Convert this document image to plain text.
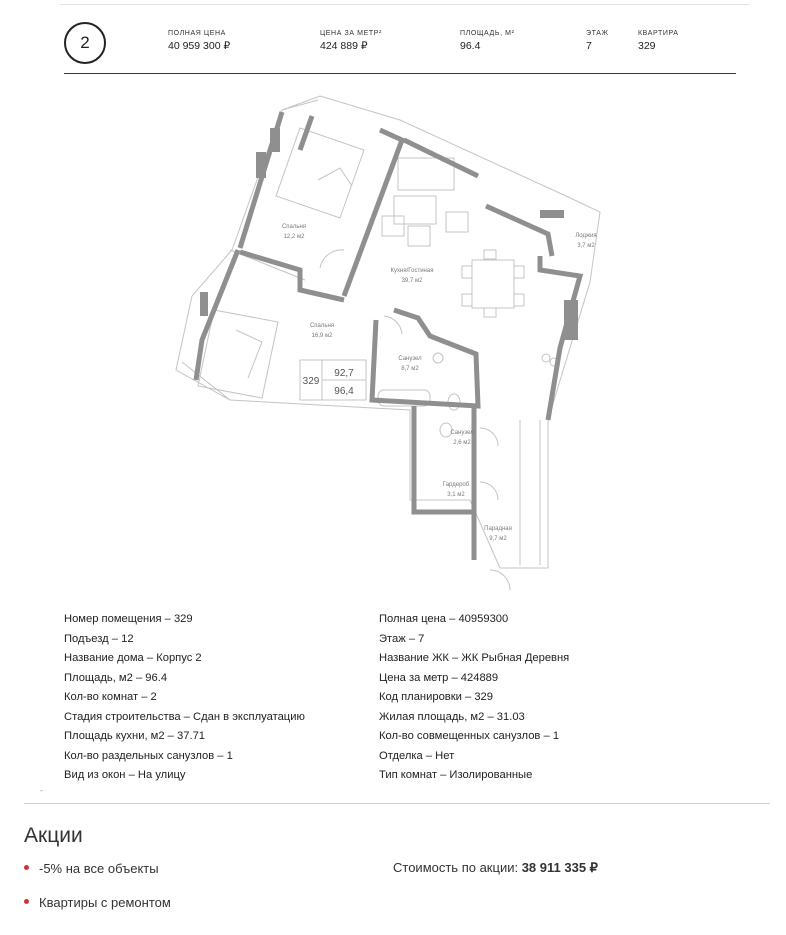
2	ПОЛНАЯ ЦЕНА
40 959 300 ₽
ЦЕНА ЗА МЕТР²
424 889 ₽
ПЛОЩАДЬ, М²
96.4
ЭТАЖ
7
КВАРТИРА
329
Спальня
12,2 м2
Кухня/Гостиная
39,7 м2
Лоджия
3,7 м2
Спальня
16,9 м2
Санузел
8,7 м2
Санузел
2,6 м2
Гардероб
3,1 м2
Парадная
9,7 м2
329
92,7
96,4
Номер помещения – 329
Подъезд – 12
Название дома – Корпус 2
Площадь, м2 – 96.4
Кол-во комнат – 2
Стадия строительства – Сдан в эксплуатацию
Площадь кухни, м2 – 37.71
Кол-во раздельных санузлов – 1
Вид из окон – На улицу
Полная цена – 40959300
Этаж – 7
Название ЖК – ЖК Рыбная Деревня
Цена за метр – 424889
Код планировки – 329
Жилая площадь, м2 – 31.03
Кол-во совмещенных санузлов – 1
Отделка – Нет
Тип комнат – Изолированные
-
Акции
-5% на все объекты
Квартиры с ремонтом
Стоимость по акции: 38 911 335 ₽
